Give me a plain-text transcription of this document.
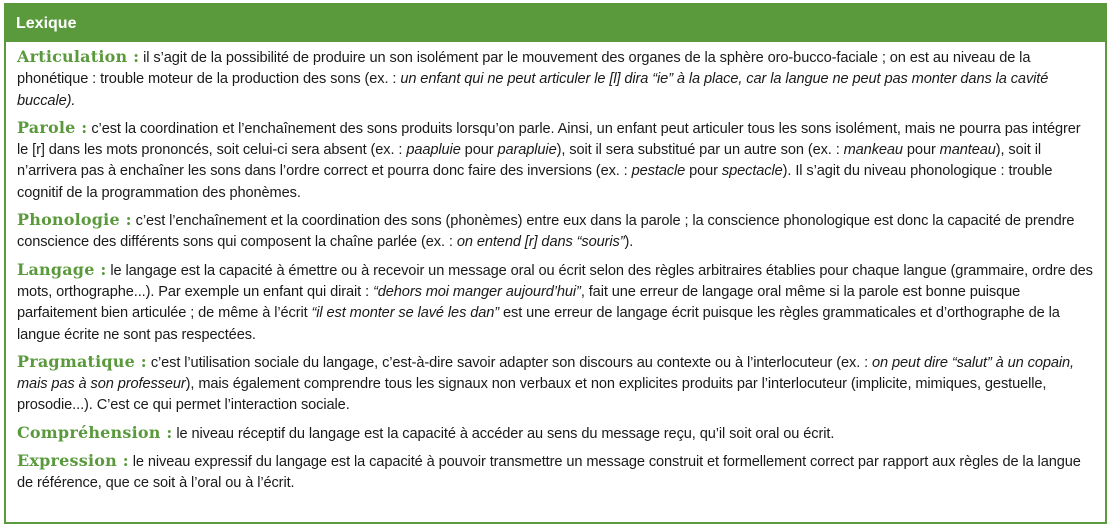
Lexique
Articulation : il s’agit de la possibilité de produire un son isolément par le mouvement des organes de la sphère oro-bucco-faciale ; on est au niveau de la phonétique : trouble moteur de la production des sons (ex. : un enfant qui ne peut articuler le [l] dira “ie” à la place, car la langue ne peut pas monter dans la cavité buccale).
Parole : c’est la coordination et l’enchaînement des sons produits lorsqu’on parle. Ainsi, un enfant peut articuler tous les sons isolément, mais ne pourra pas intégrer le [r] dans les mots prononcés, soit celui-ci sera absent (ex. : paapluie pour parapluie), soit il sera substitué par un autre son (ex. : mankeau pour manteau), soit il n’arrivera pas à enchaîner les sons dans l’ordre correct et pourra donc faire des inversions (ex. : pestacle pour spectacle). Il s’agit du niveau phonologique : trouble cognitif de la programmation des phonèmes.
Phonologie : c’est l’enchaînement et la coordination des sons (phonèmes) entre eux dans la parole ; la conscience phonologique est donc la capacité de prendre conscience des différents sons qui composent la chaîne parlée (ex. : on entend [r] dans “souris”).
Langage : le langage est la capacité à émettre ou à recevoir un message oral ou écrit selon des règles arbitraires établies pour chaque langue (grammaire, ordre des mots, orthographe...). Par exemple un enfant qui dirait : “dehors moi manger aujourd’hui”, fait une erreur de langage oral même si la parole est bonne puisque parfaitement bien articulée ; de même à l’écrit “il est monter se lavé les dan” est une erreur de langage écrit puisque les règles grammaticales et d’orthographe de la langue écrite ne sont pas respectées.
Pragmatique : c’est l’utilisation sociale du langage, c’est-à-dire savoir adapter son discours au contexte ou à l’interlocuteur (ex. : on peut dire “salut” à un copain, mais pas à son professeur), mais également comprendre tous les signaux non verbaux et non explicites produits par l’interlocuteur (implicite, mimiques, gestuelle, prosodie...). C’est ce qui permet l’interaction sociale.
Compréhension : le niveau réceptif du langage est la capacité à accéder au sens du message reçu, qu’il soit oral ou écrit.
Expression : le niveau expressif du langage est la capacité à pouvoir transmettre un message construit et formellement correct par rapport aux règles de la langue de référence, que ce soit à l’oral ou à l’écrit.
